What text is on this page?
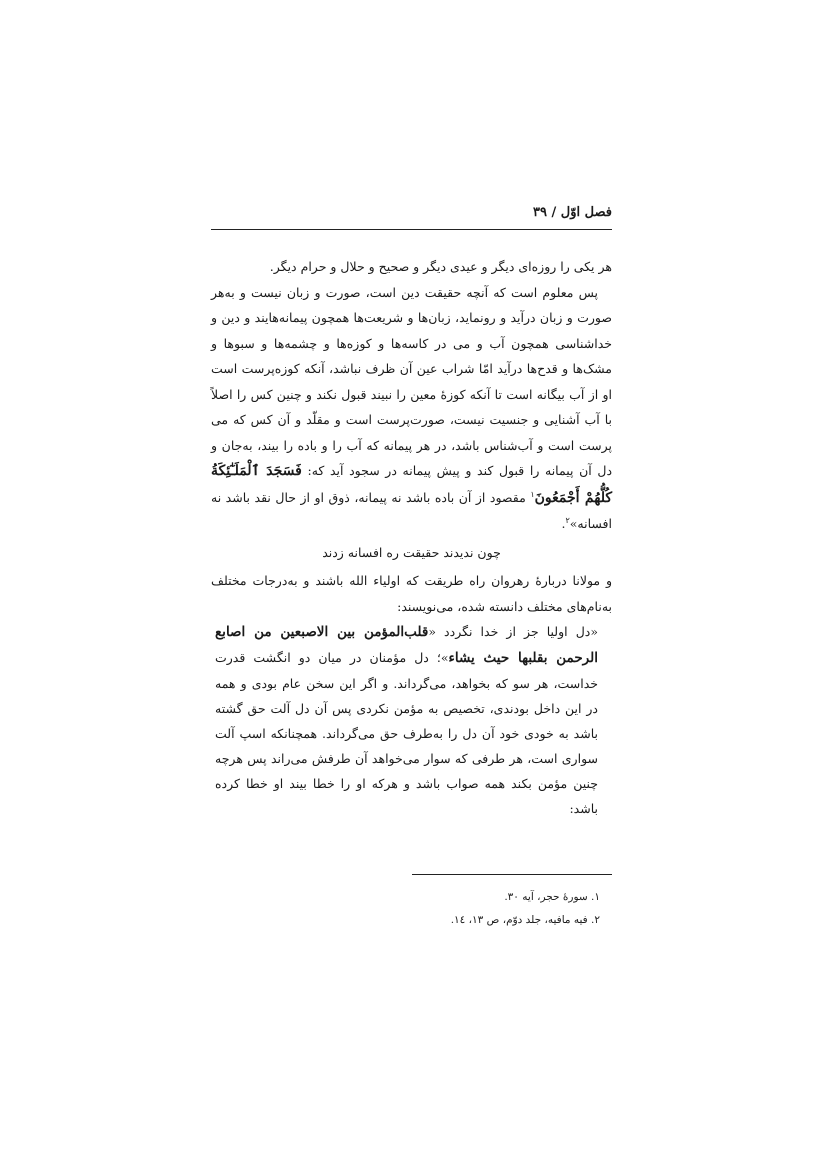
فصل اوّل / ۳۹

هر یکی را روزه‌ای دیگر و عیدی دیگر و صحیح و حلال و حرام دیگر.

پس معلوم است که آنچه حقیقت دین است، صورت و زبان نیست و به‌هر صورت و زبان درآید و رونماید، زبان‌ها و شریعت‌ها همچون پیمانه‌هایند و دین و خداشناسی همچون آب و می در کاسه‌ها و کوزه‌ها و چشمه‌ها و سبوها و مشک‌ها و قدح‌ها درآید امّا شراب عین آن ظرف نباشد، آنکه کوزه‌پرست است او از آب بیگانه است تا آنکه کوزهٔ معین را نبیند قبول نکند و چنین کس را اصلاً با آب آشنایی و جنسیت نیست، صورت‌پرست است و مقلّد و آن کس که می پرست است و آب‌شناس باشد، در هر پیمانه که آب را و باده را بیند، به‌جان و دل آن پیمانه را قبول کند و پیش پیمانه در سجود آید که: فَسَجَدَ ٱلْمَلَـٰٓئِكَةُ كُلُّهُمْ أَجْمَعُونَ$^۱$ مقصود از آن باده باشد نه پیمانه، ذوق او از حال نقد باشد نه افسانه»$^۲$.

چون ندیدند حقیقت ره افسانه زدند

و مولانا دربارهٔ رهروان راه طریقت که اولیاء الله باشند و به‌درجات مختلف به‌نام‌های مختلف دانسته شده، می‌نویسند:

«دل اولیا جز از خدا نگردد «قلب‌المؤمن بین الاصبعین من اصابع الرحمن بقلبها حیث یشاء»؛ دل مؤمنان در میان دو انگشت قدرت خداست، هر سو که بخواهد، می‌گرداند. و اگر این سخن عام بودی و همه در این داخل بودندی، تخصیص به مؤمن نکردی پس آن دل آلت حق گشته باشد به خودی خود آن دل را به‌طرف حق می‌گرداند. همچنانکه اسپ آلت سواری است، هر طرفی که سوار می‌خواهد آن طرفش می‌راند پس هرچه چنین مؤمن بکند همه صواب باشد و هرکه او را خطا بیند او خطا کرده باشد:

۱. سورهٔ حجر، آیه ۳۰.
۲. فیه مافیه، جلد دوّم، ص ۱۳، ۱٤.
